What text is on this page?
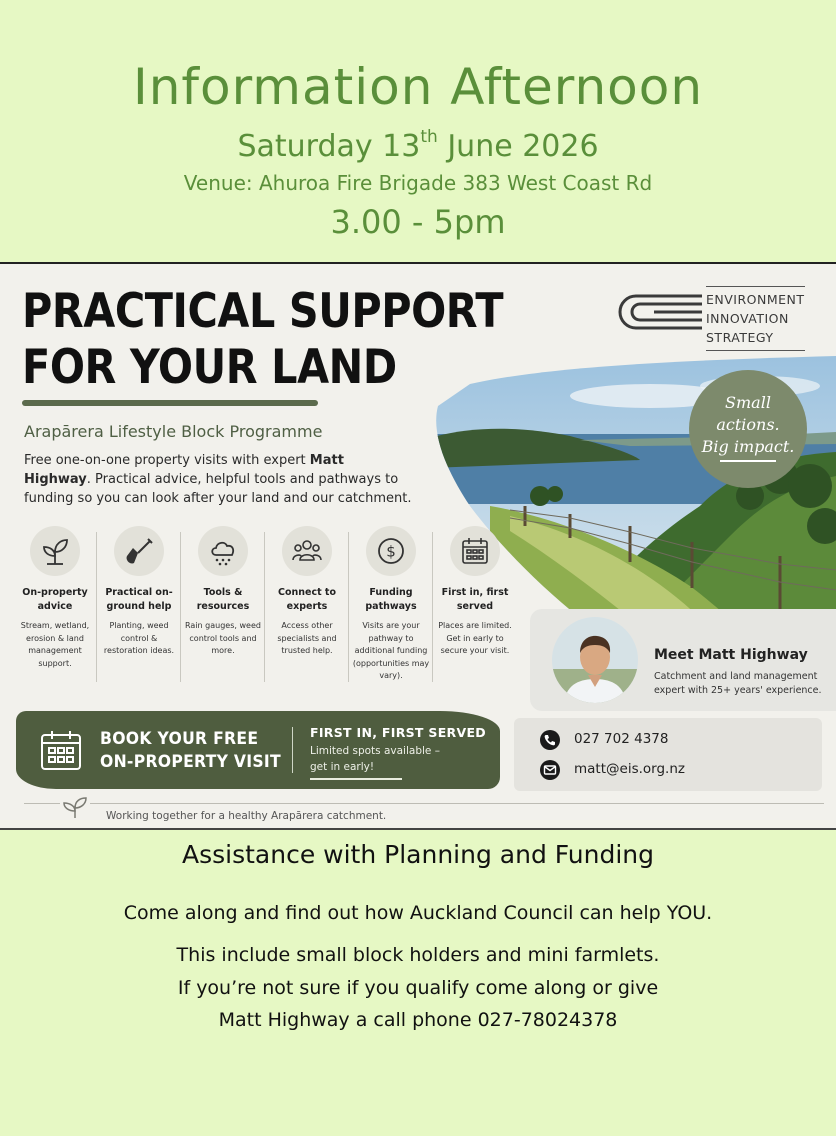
Information Afternoon
Saturday 13th June 2026
Venue: Ahuroa Fire Brigade 383 West Coast Rd
3.00 - 5pm
PRACTICAL SUPPORT
FOR YOUR LAND
Arapārera Lifestyle Block Programme
Free one-on-one property visits with expert Matt Highway. Practical advice, helpful tools and pathways to funding so you can look after your land and our catchment.
ENVIRONMENT
INNOVATION
STRATEGY
Small
actions.
Big impact.
On-property advice
Stream, wetland, erosion & land management support.
Practical on-ground help
Planting, weed control & restoration ideas.
Tools & resources
Rain gauges, weed control tools and more.
Connect to experts
Access other specialists and trusted help.
$
Funding pathways
Visits are your pathway to additional funding (opportunities may vary).
First in, first served
Places are limited. Get in early to secure your visit.	Meet Matt Highway
Catchment and land management expert with 25+ years' experience.
BOOK YOUR FREE
ON-PROPERTY VISIT
FIRST IN, FIRST SERVED
Limited spots available –
get in early!
027 702 4378
matt@eis.org.nz
Working together for a healthy Arapārera catchment.
Assistance with Planning and Funding
Come along and find out how Auckland Council can help YOU.
This include small block holders and mini farmlets.
If you’re not sure if you qualify come along or give
Matt Highway a call phone 027-78024378
